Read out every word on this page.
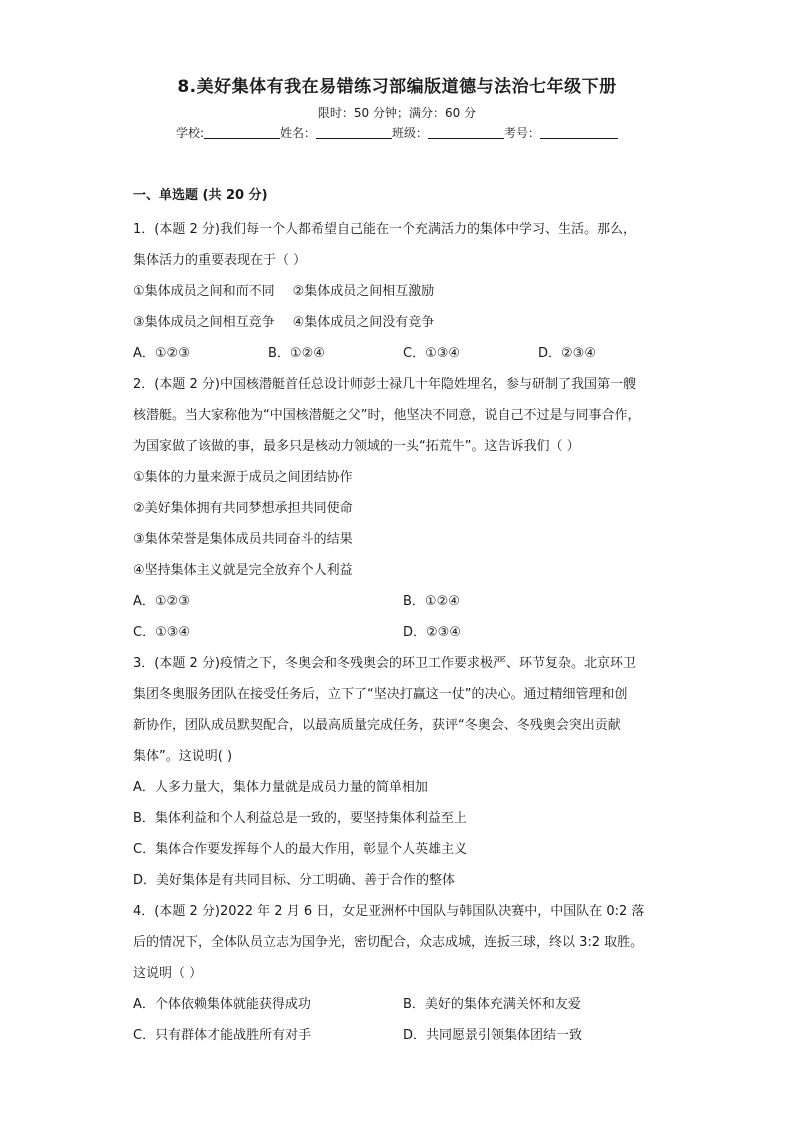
8.美好集体有我在易错练习部编版道德与法治七年级下册
限时：50 分钟；满分：60 分
学校:	姓名：	班级：	考号：
一、单选题 (共 20 分)
1．(本题 2 分)我们每一个人都希望自己能在一个充满活力的集体中学习、生活。那么，
集体活力的重要表现在于（ ）
①集体成员之间和而不同 ②集体成员之间相互激励
③集体成员之间相互竞争 ④集体成员之间没有竞争
A．①②③	B．①②④	C．①③④	D．②③④
2．(本题 2 分)中国核潜艇首任总设计师彭士禄几十年隐姓埋名，参与研制了我国第一艘
核潜艇。当大家称他为“中国核潜艇之父”时，他坚决不同意，说自己不过是与同事合作，
为国家做了该做的事，最多只是核动力领域的一头“拓荒牛”。这告诉我们（ ）
①集体的力量来源于成员之间团结协作
②美好集体拥有共同梦想承担共同使命
③集体荣誉是集体成员共同奋斗的结果
④坚持集体主义就是完全放弃个人利益
A．①②③	B．①②④
C．①③④	D．②③④
3．(本题 2 分)疫情之下，冬奥会和冬残奥会的环卫工作要求极严、环节复杂。北京环卫
集团冬奥服务团队在接受任务后，立下了“坚决打赢这一仗”的决心。通过精细管理和创
新协作，团队成员默契配合，以最高质量完成任务，获评“冬奥会、冬残奥会突出贡献
集体”。这说明( )
A．人多力量大，集体力量就是成员力量的简单相加
B．集体利益和个人利益总是一致的，要坚持集体利益至上
C．集体合作要发挥每个人的最大作用，彰显个人英雄主义
D．美好集体是有共同目标、分工明确、善于合作的整体
4．(本题 2 分)2022 年 2 月 6 日，女足亚洲杯中国队与韩国队决赛中，中国队在 0:2 落
后的情况下，全体队员立志为国争光，密切配合，众志成城，连扳三球，终以 3:2 取胜。
这说明（ ）
A．个体依赖集体就能获得成功	B．美好的集体充满关怀和友爱
C．只有群体才能战胜所有对手	D．共同愿景引领集体团结一致
